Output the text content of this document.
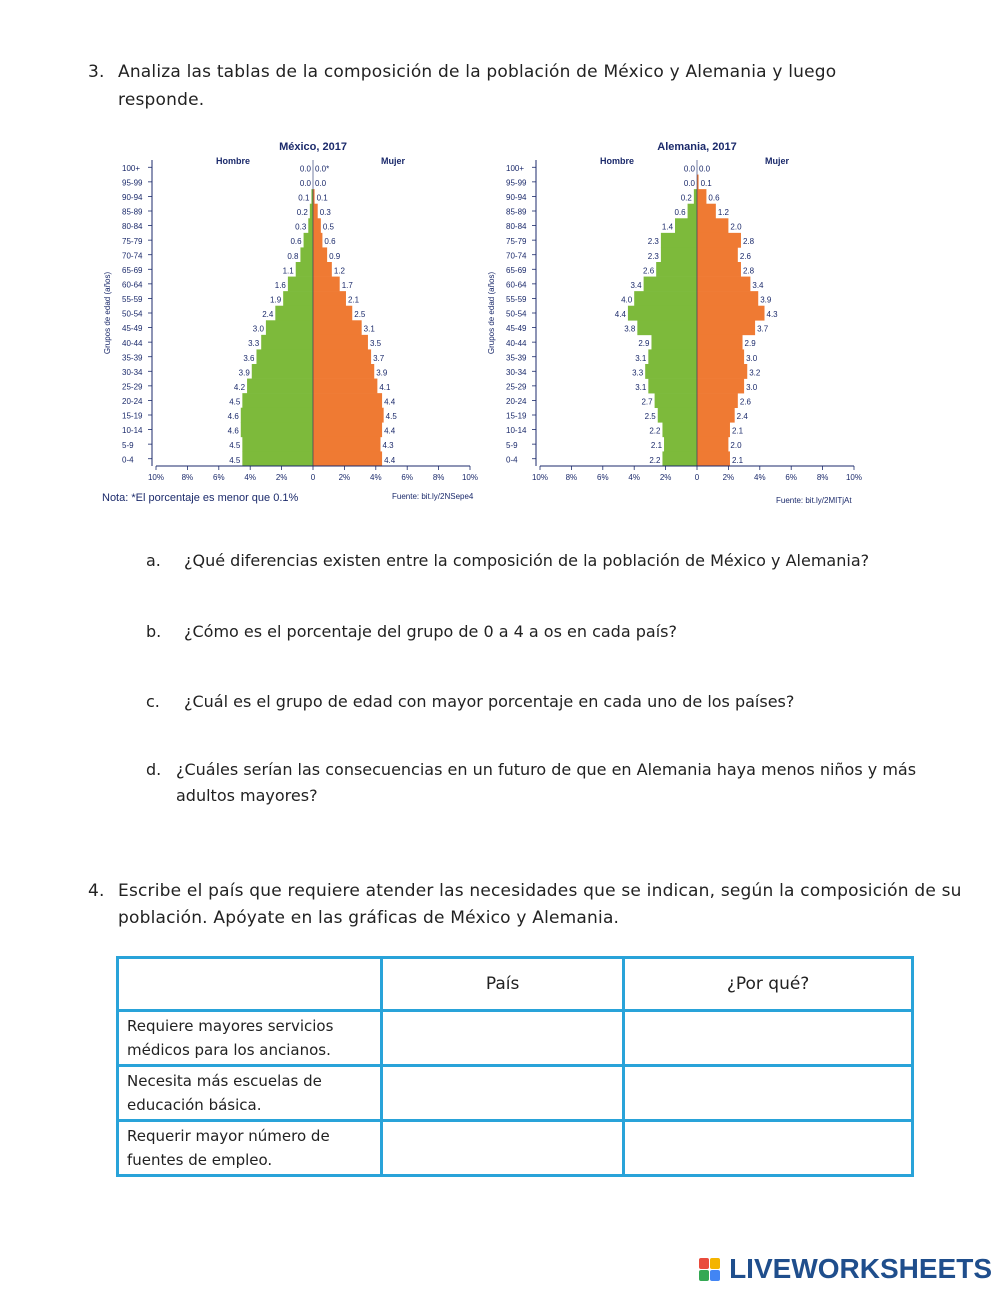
3. Analiza las tablas de la composición de la población de México y Alemania y luego
responde.
México, 2017
Hombre	Mujer
Grupos de edad (años)
100+	0.0 0.0*
95-99	0.0 0.0
90-94	0.1 0.1
85-89	0.2 0.3
80-84	0.3 0.5
75-79	0.6	0.6
70-74	0.8	0.9
65-69	1.1	1.2
60-64	1.6	1.7
55-59	1.9	2.1
50-54	2.4	2.5
45-49	3.0	3.1
40-44	3.3	3.5
35-39	3.6	3.7
30-34	3.9	3.9
25-29	4.2	4.1
20-24	4.5	4.4
15-19	4.6	4.5
10-14	4.6	4.4
5-9	4.5	4.3
0-4	4.5	4.4
10% 8% 6% 4% 2%	0	2% 4% 6% 8% 10%
Nota: *El porcentaje es menor que 0.1%	Fuente: bit.ly/2NSepe4
Alemania, 2017
Hombre	Mujer
Grupos de edad (años)
100+	0.0 0.0
95-99	0.0 0.1
90-94	0.2 0.6
85-89	0.6	1.2
80-84	1.4	2.0
75-79	2.3	2.8
70-74	2.3	2.6
65-69	2.6	2.8
60-64	3.4	3.4
55-59	4.0	3.9
50-54	4.4	4.3
45-49	3.8	3.7
40-44	2.9	2.9
35-39	3.1	3.0
30-34	3.3	3.2
25-29	3.1	3.0
20-24	2.7	2.6
15-19	2.5	2.4
10-14	2.2	2.1
5-9	2.1	2.0
0-4	2.2	2.1
10% 8% 6% 4% 2%	0	2% 4% 6% 8% 10%
Fuente: bit.ly/2MITjAt
a. ¿Qué diferencias existen entre la composición de la población de México y Alemania?
b. ¿Cómo es el porcentaje del grupo de 0 a 4 a os en cada país?
c. ¿Cuál es el grupo de edad con mayor porcentaje en cada uno de los países?
d. ¿Cuáles serían las consecuencias en un futuro de que en Alemania haya menos niños y más
adultos mayores?
4. Escribe el país que requiere atender las necesidades que se indican, según la composición de su
población. Apóyate en las gráficas de México y Alemania.
	País	¿Por qué?

Requiere mayores servicios
médicos para los ancianos.

Necesita más escuelas de
educación básica.

Requerir mayor número de
fuentes de empleo.

LIVEWORKSHEETS
